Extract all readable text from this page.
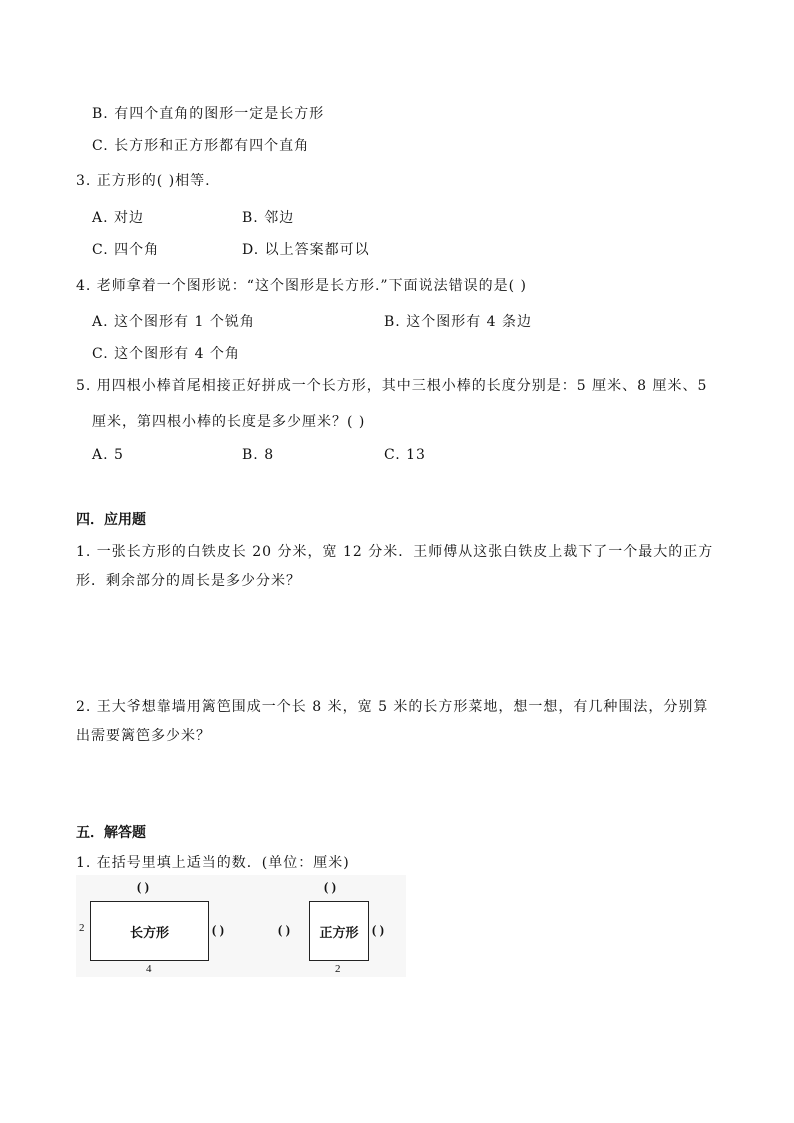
B. 有四个直角的图形一定是长方形
C. 长方形和正方形都有四个直角
3. 正方形的( )相等.
A. 对边	B. 邻边
C. 四个角	D. 以上答案都可以
4. 老师拿着一个图形说：“这个图形是长方形.”下面说法错误的是( )
A. 这个图形有 1 个锐角	B. 这个图形有 4 条边
C. 这个图形有 4 个角
5. 用四根小棒首尾相接正好拼成一个长方形，其中三根小棒的长度分别是：5 厘米、8 厘米、5
厘米，第四根小棒的长度是多少厘米？( )
A. 5	B. 8	C. 13
四．应用题
1. 一张长方形的白铁皮长 20 分米，宽 12 分米．王师傅从这张白铁皮上裁下了一个最大的正方
形．剩余部分的周长是多少分米？
2. 王大爷想靠墙用篱笆围成一个长 8 米，宽 5 米的长方形菜地，想一想，有几种围法，分别算
出需要篱笆多少米？
五．解答题
1. 在括号里填上适当的数．(单位：厘米)
( )
2	长方形	( )
4
( )
( ) 正方形 ( )
2
